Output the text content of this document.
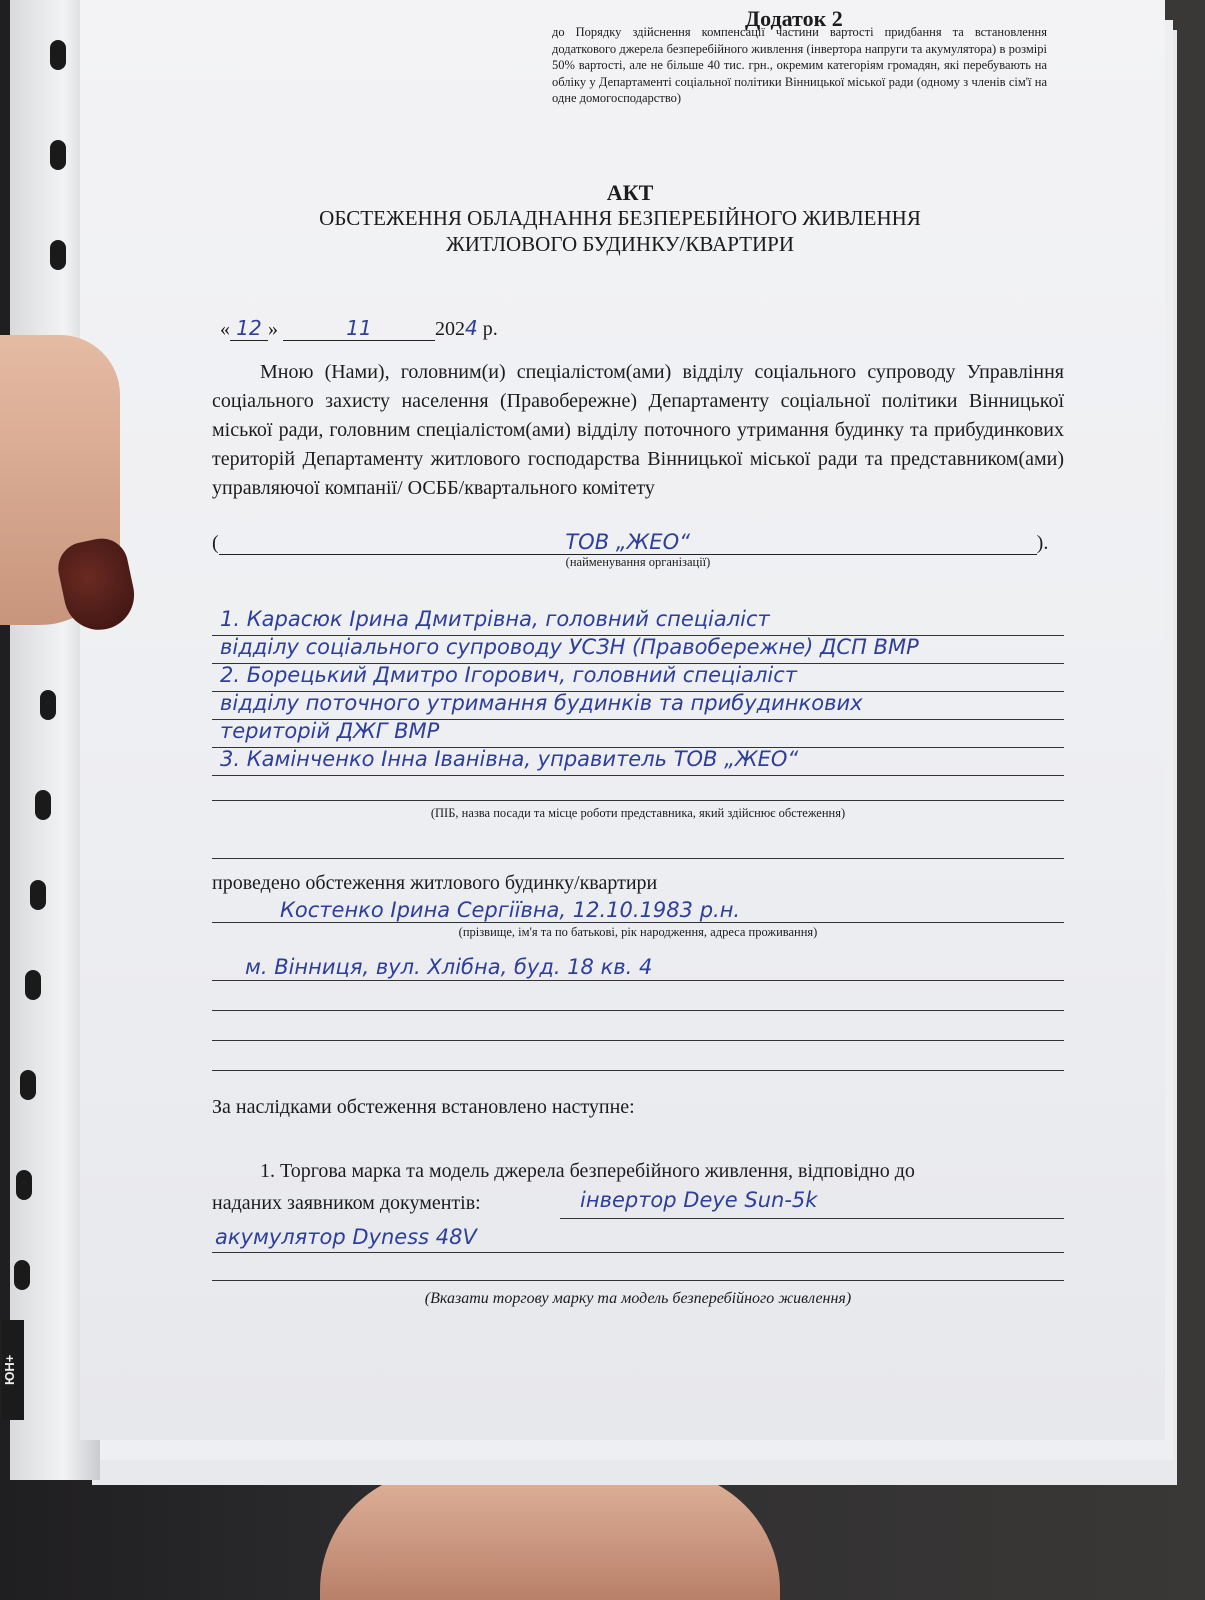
ЮН+
Додаток 2
до Порядку здійснення компенсації частини вартості придбання та встановлення додаткового джерела безперебійного живлення (інвертора напруги та акумулятора) в розмірі 50% вартості, але не більше 40 тис. грн., окремим категоріям громадян, які перебувають на обліку у Департаменті соціальної політики Вінницької міської ради (одному з членів сім'ї на одне домогосподарство)
АКТ
ОБСТЕЖЕННЯ ОБЛАДНАННЯ БЕЗПЕРЕБІЙНОГО ЖИВЛЕННЯ
ЖИТЛОВОГО БУДИНКУ/КВАРТИРИ
« 12 »	11	2024 р.
Мною (Нами), головним(и) спеціалістом(ами) відділу соціального супроводу Управління соціального захисту населення (Правобережне) Департаменту соціальної політики Вінницької міської ради, головним спеціалістом(ами) відділу поточного утримання будинку та прибудинкових територій Департаменту житлового господарства Вінницької міської ради та представником(ами) управляючої компанії/ ОСББ/квартального комітету
(	ТОВ „ЖЕО“	).
(найменування організації)
1. Карасюк Ірина Дмитрівна, головний спеціаліст
відділу соціального супроводу УСЗН (Правобережне) ДСП ВМР
2. Борецький Дмитро Ігорович, головний спеціаліст
відділу поточного утримання будинків та прибудинкових
територій ДЖГ ВМР
3. Камінченко Інна Іванівна, управитель ТОВ „ЖЕО“
(ПІБ, назва посади та місце роботи представника, який здійснює обстеження)
проведено обстеження житлового будинку/квартири
Костенко Ірина Сергіївна, 12.10.1983 р.н.
(прізвище, ім'я та по батькові, рік народження, адреса проживання)
м. Вінниця, вул. Хлібна, буд. 18 кв. 4
За наслідками обстеження встановлено наступне:
1. Торгова марка та модель джерела безперебійного живлення, відповідно до
наданих заявником документів:	інвертор Deye Sun-5k
акумулятор Dyness 48V
(Вказати торгову марку та модель безперебійного живлення)
